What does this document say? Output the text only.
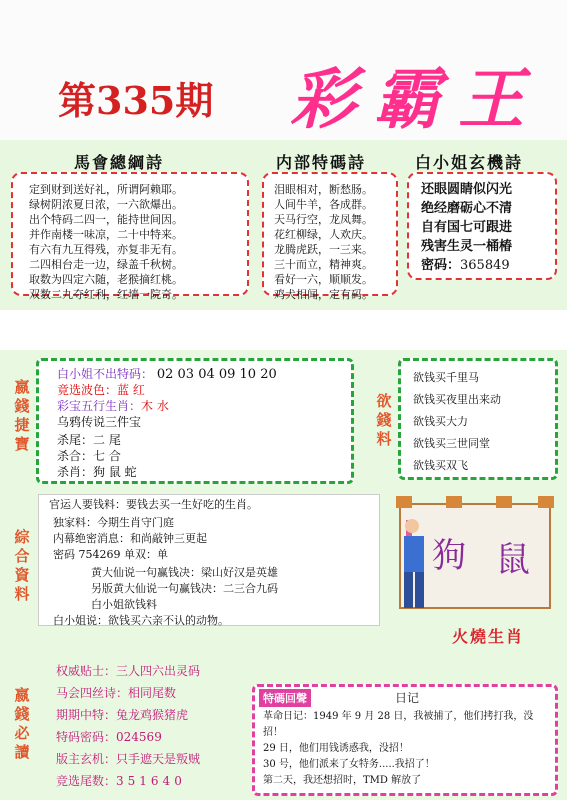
第335期 彩霸王
馬會總綱詩	内部特碼詩	白小姐玄機詩
定到财到送好礼，所谓阿赖耶。
绿树阴浓夏日浓，一六欲爆出。
出个特码二四一，能持世间因。
并作南楼一味凉，二十中特来。
有六有九互得残，亦复非无有。
二四相台走一边，绿盖千秋树。
取数为四定六随，老猴摘红桃。
双数二九夺红利，红墙一院奇。
泪眼相对，断愁肠。
人间牛羊，各成群。
天马行空，龙凤舞。
花红柳绿，人欢庆。
龙腾虎跃，一三来。
三十而立，精神爽。
看好一六，顺顺发。
鸡犬相闻，定有码。
还眼圆睛似闪光
绝经磨砺心不清
自有国七可跟进
残害生灵一桶椿
密码：365849
嬴錢捷寶
白小姐不出特码： 02 03 04 09 10 20
竟选波色：蓝 红
彩宝五行生肖：木 水
乌鸦传说三件宝
杀尾：二 尾
杀合：七 合
杀肖：狗 鼠 蛇
欲錢料
欲钱买千里马
欲钱买夜里出来动
欲钱买大力
欲钱买三世同堂
欲钱买双飞
綜合資料
官运人要钱料：要钱去买一生好吃的生肖。
独家料：今期生肖守门庭
内幕绝密消息：和尚敲钟三更起
密码 754269 单双：单
黄大仙说一句赢钱决：梁山好汉是英雄
另版黄大仙说一句赢钱决：二三合九码
白小姐欲钱料
白小姐说：欲钱买六亲不认的动物。
狗 鼠
火燒生肖
嬴錢必讀
权威贴士：三人四六出灵码
马会四丝诗：相同尾数
期期中特：兔龙鸡猴猪虎
特码密码：024569
版主玄机：只手遮天是叛贼
竞选尾数：351640
特碼回聲	日记
革命日记：1949 年 9 月 28 日，我被捕了，他们拷打我，没招！
29 日，他们用钱诱惑我，没招！
30 号，他们派来了女特务.....我招了！
第二天，我还想招时，TMD 解放了
